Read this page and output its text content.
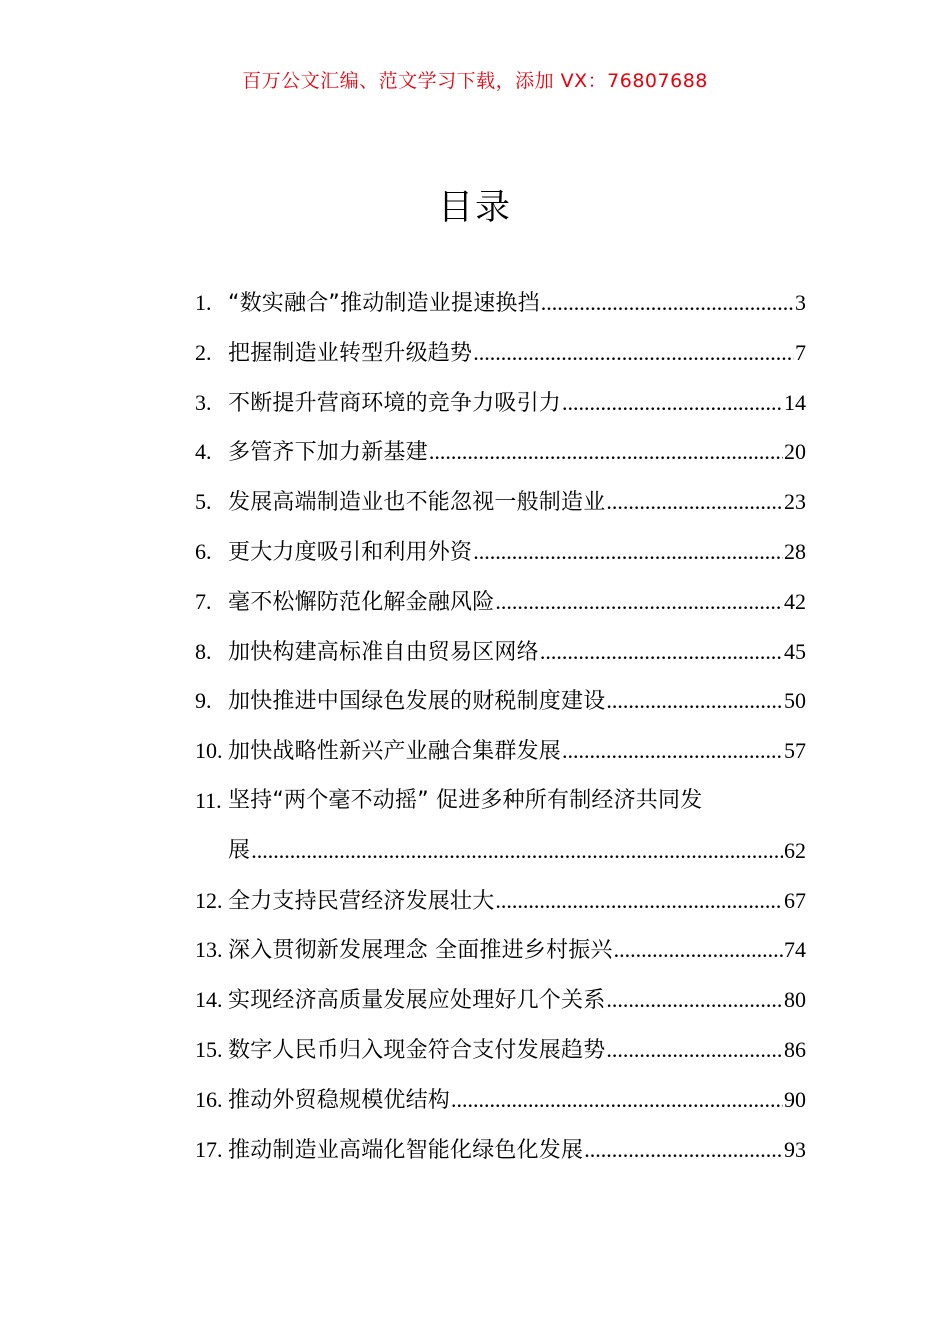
百万公文汇编、范文学习下载，添加 VX：76807688
目录
1. “数实融合”推动制造业提速换挡 .....	3
2. 把握制造业转型升级趋势 .....	7
3. 不断提升营商环境的竞争力吸引力 .....	14
4. 多管齐下加力新基建 .....	20
5. 发展高端制造业也不能忽视一般制造业 .....	23
6. 更大力度吸引和利用外资 .....	28
7. 毫不松懈防范化解金融风险 .....	42
8. 加快构建高标准自由贸易区网络 .....	45
9. 加快推进中国绿色发展的财税制度建设 .....	50
10. 加快战略性新兴产业融合集群发展 .....	57
11. 坚持“两个毫不动摇” 促进多种所有制经济共同发
展 .....	62
12. 全力支持民营经济发展壮大 .....	67
13. 深入贯彻新发展理念 全面推进乡村振兴 .....	74
14. 实现经济高质量发展应处理好几个关系 .....	80
15. 数字人民币归入现金符合支付发展趋势 .....	86
16. 推动外贸稳规模优结构 .....	90
17. 推动制造业高端化智能化绿色化发展 .....	93
